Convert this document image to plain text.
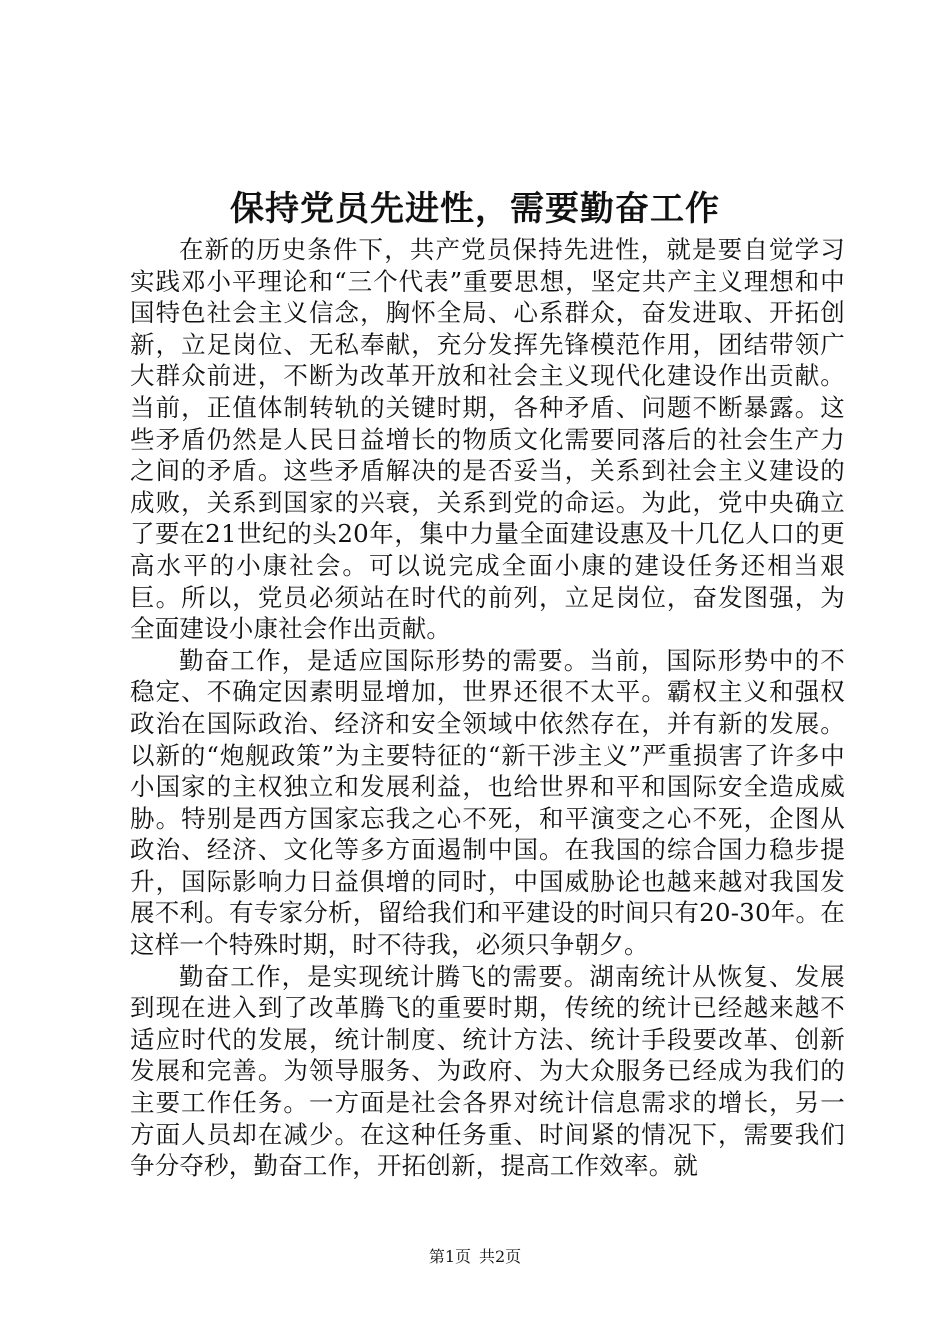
保持党员先进性，需要勤奋工作

在新的历史条件下，共产党员保持先进性，就是要自觉学习实践邓小平理论和“三个代表”重要思想，坚定共产主义理想和中国特色社会主义信念，胸怀全局、心系群众，奋发进取、开拓创新，立足岗位、无私奉献，充分发挥先锋模范作用，团结带领广大群众前进，不断为改革开放和社会主义现代化建设作出贡献。当前，正值体制转轨的关键时期，各种矛盾、问题不断暴露。这些矛盾仍然是人民日益增长的物质文化需要同落后的社会生产力之间的矛盾。这些矛盾解决的是否妥当，关系到社会主义建设的成败，关系到国家的兴衰，关系到党的命运。为此，党中央确立了要在21世纪的头20年，集中力量全面建设惠及十几亿人口的更高水平的小康社会。可以说完成全面小康的建设任务还相当艰巨。所以，党员必须站在时代的前列，立足岗位，奋发图强，为全面建设小康社会作出贡献。

勤奋工作，是适应国际形势的需要。当前，国际形势中的不稳定、不确定因素明显增加，世界还很不太平。霸权主义和强权政治在国际政治、经济和安全领域中依然存在，并有新的发展。以新的“炮舰政策”为主要特征的“新干涉主义”严重损害了许多中小国家的主权独立和发展利益，也给世界和平和国际安全造成威胁。特别是西方国家忘我之心不死，和平演变之心不死，企图从政治、经济、文化等多方面遏制中国。在我国的综合国力稳步提升，国际影响力日益俱增的同时，中国威胁论也越来越对我国发展不利。有专家分析，留给我们和平建设的时间只有20-30年。在这样一个特殊时期，时不待我，必须只争朝夕。

勤奋工作，是实现统计腾飞的需要。湖南统计从恢复、发展到现在进入到了改革腾飞的重要时期，传统的统计已经越来越不适应时代的发展，统计制度、统计方法、统计手段要改革、创新发展和完善。为领导服务、为政府、为大众服务已经成为我们的主要工作任务。一方面是社会各界对统计信息需求的增长，另一方面人员却在减少。在这种任务重、时间紧的情况下，需要我们争分夺秒，勤奋工作，开拓创新，提高工作效率。就

第1页 共2页
